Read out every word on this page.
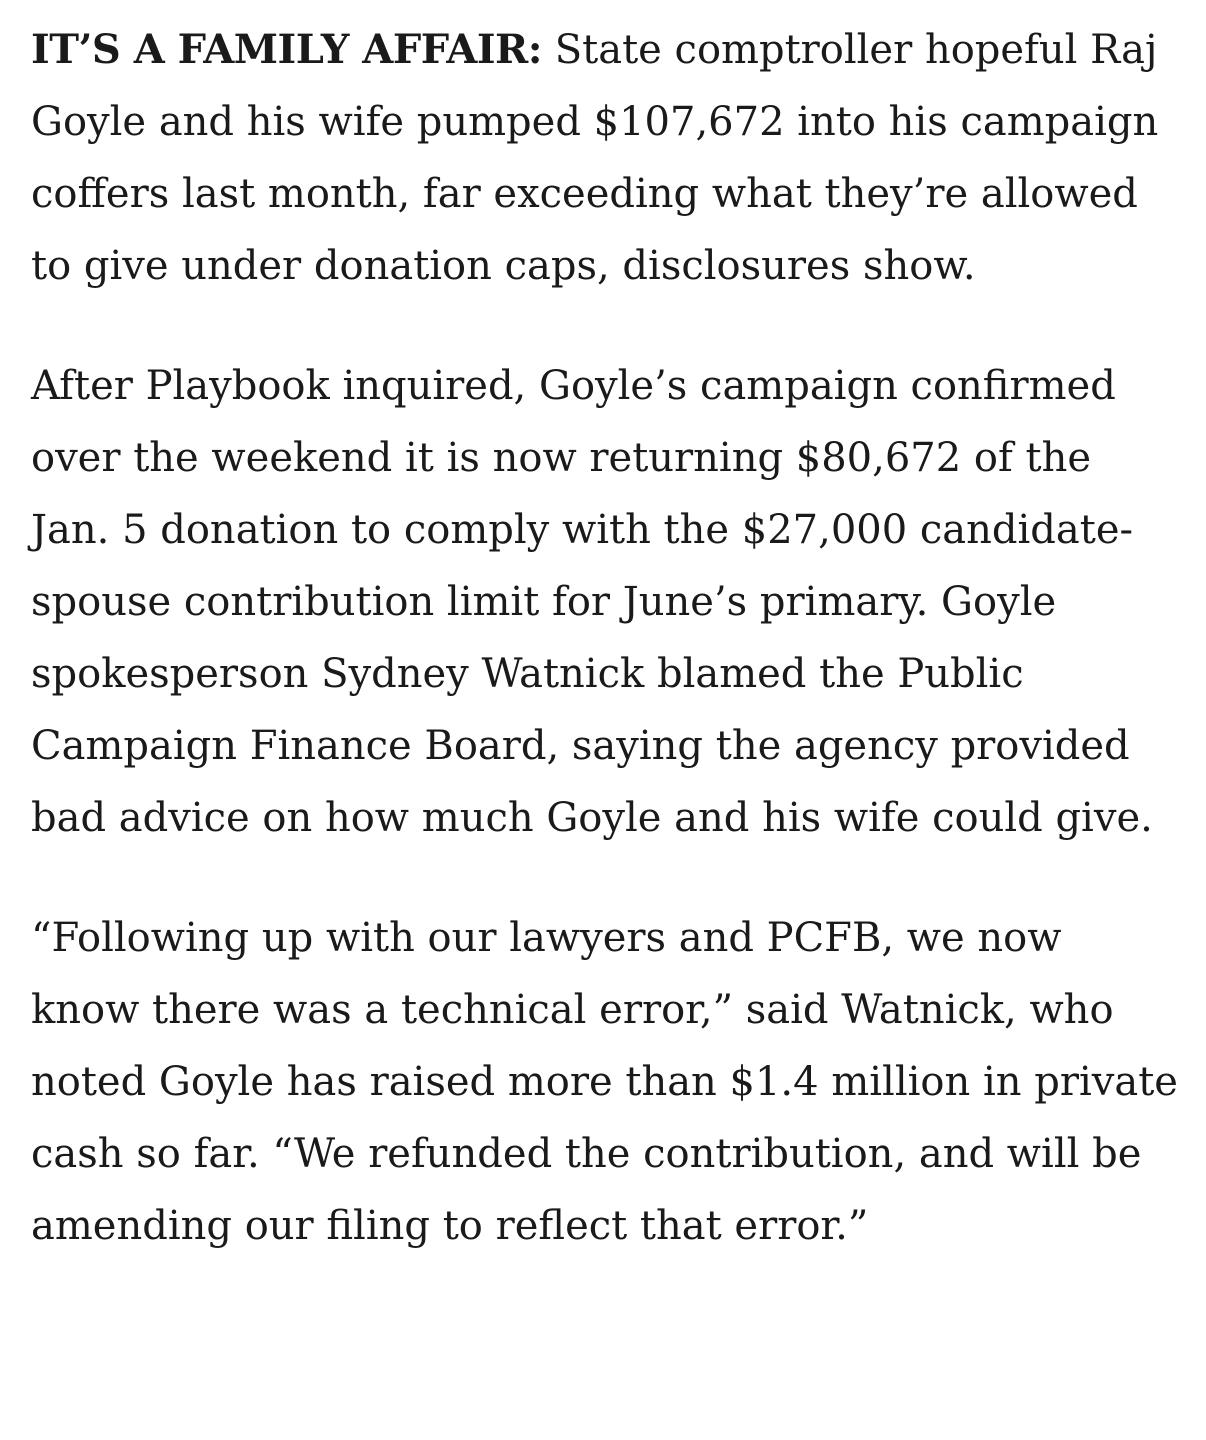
IT’S A FAMILY AFFAIR: State comptroller hopeful Raj Goyle and his wife pumped $107,672 into his campaign coffers last month, far exceeding what they’re allowed to give under donation caps, disclosures show.

After Playbook inquired, Goyle’s campaign confirmed over the weekend it is now returning $80,672 of the Jan. 5 donation to comply with the $27,000 candidate-spouse contribution limit for June’s primary. Goyle spokesperson Sydney Watnick blamed the Public Campaign Finance Board, saying the agency provided bad advice on how much Goyle and his wife could give.

“Following up with our lawyers and PCFB, we now know there was a technical error,” said Watnick, who noted Goyle has raised more than $1.4 million in private cash so far. “We refunded the contribution, and will be amending our filing to reflect that error.”
